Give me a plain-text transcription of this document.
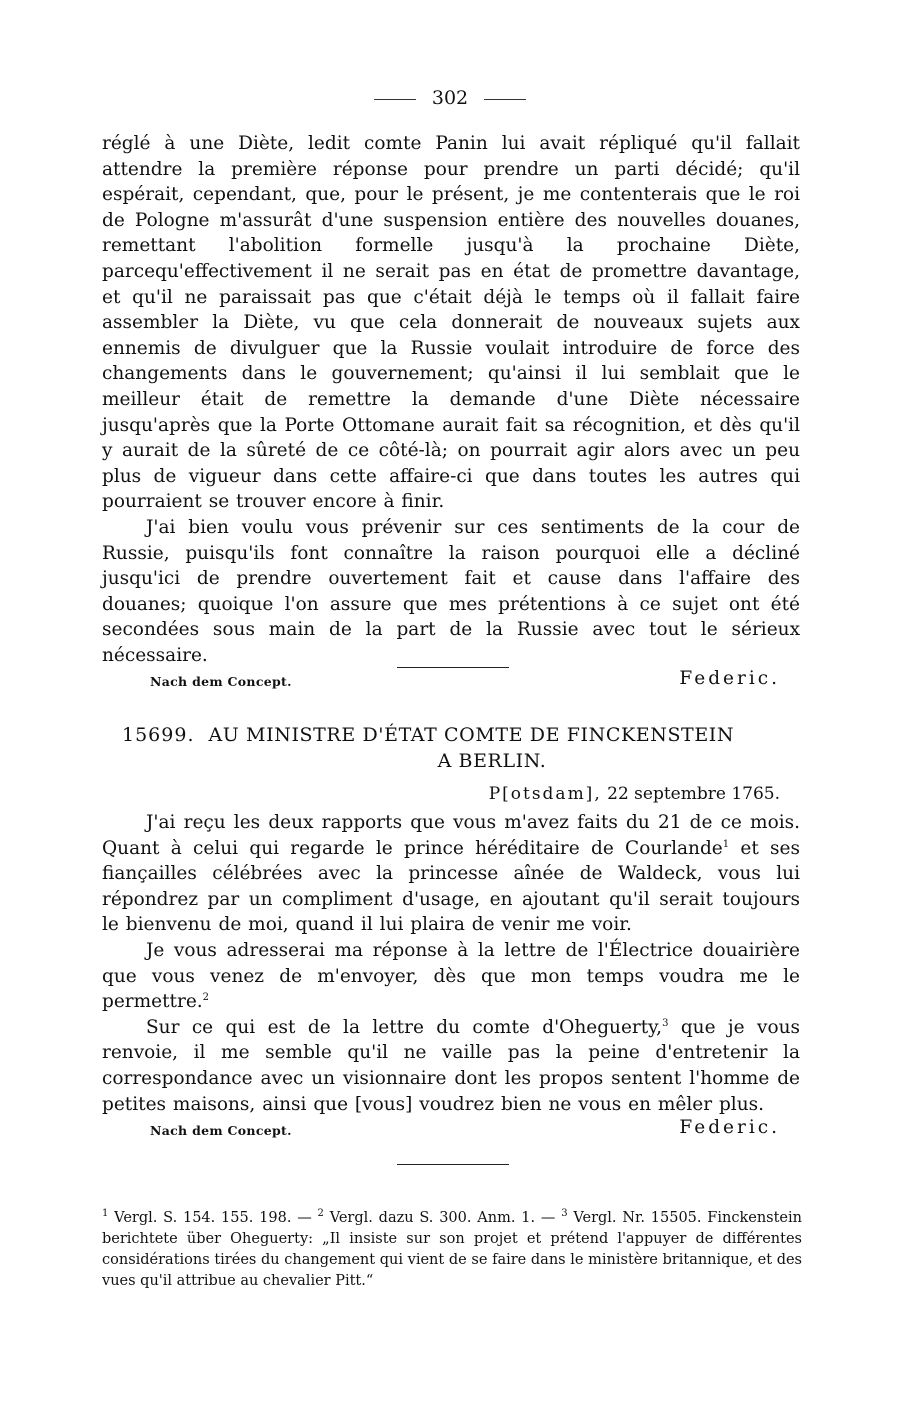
302

réglé à une Diète, ledit comte Panin lui avait répliqué qu'il fallait attendre la première réponse pour prendre un parti décidé; qu'il espérait, cependant, que, pour le présent, je me contenterais que le roi de Pologne m'assurât d'une suspension entière des nouvelles douanes, remettant l'abolition formelle jusqu'à la prochaine Diète, parcequ'effectivement il ne serait pas en état de promettre davantage, et qu'il ne paraissait pas que c'était déjà le temps où il fallait faire assembler la Diète, vu que cela donnerait de nouveaux sujets aux ennemis de divulguer que la Russie voulait introduire de force des changements dans le gouvernement; qu'ainsi il lui semblait que le meilleur était de remettre la demande d'une Diète nécessaire jusqu'après que la Porte Ottomane aurait fait sa récognition, et dès qu'il y aurait de la sûreté de ce côté-là; on pourrait agir alors avec un peu plus de vigueur dans cette affaire-ci que dans toutes les autres qui pourraient se trouver encore à finir.

J'ai bien voulu vous prévenir sur ces sentiments de la cour de Russie, puisqu'ils font connaître la raison pourquoi elle a décliné jusqu'ici de prendre ouvertement fait et cause dans l'affaire des douanes; quoique l'on assure que mes prétentions à ce sujet ont été secondées sous main de la part de la Russie avec tout le sérieux nécessaire.

Nach dem Concept.	Federic.
15699. AU MINISTRE D'ÉTAT COMTE DE FINCKENSTEIN
A BERLIN.
P[otsdam], 22 septembre 1765.

J'ai reçu les deux rapports que vous m'avez faits du 21 de ce mois. Quant à celui qui regarde le prince héréditaire de Courlande$^1$ et ses fiançailles célébrées avec la princesse aînée de Waldeck, vous lui répondrez par un compliment d'usage, en ajoutant qu'il serait toujours le bienvenu de moi, quand il lui plaira de venir me voir.

Je vous adresserai ma réponse à la lettre de l'Électrice douairière que vous venez de m'envoyer, dès que mon temps voudra me le permettre.$^2$

Sur ce qui est de la lettre du comte d'Oheguerty,$^3$ que je vous renvoie, il me semble qu'il ne vaille pas la peine d'entretenir la correspondance avec un visionnaire dont les propos sentent l'homme de petites maisons, ainsi que [vous] voudrez bien ne vous en mêler plus.

Nach dem Concept.	Federic.

$^1$ Vergl. S. 154. 155. 198. — $^2$ Vergl. dazu S. 300. Anm. 1. — $^3$ Vergl. Nr. 15505. Finckenstein berichtete über Oheguerty: „Il insiste sur son projet et prétend l'appuyer de différentes considérations tirées du changement qui vient de se faire dans le ministère britannique, et des vues qu'il attribue au chevalier Pitt.“
